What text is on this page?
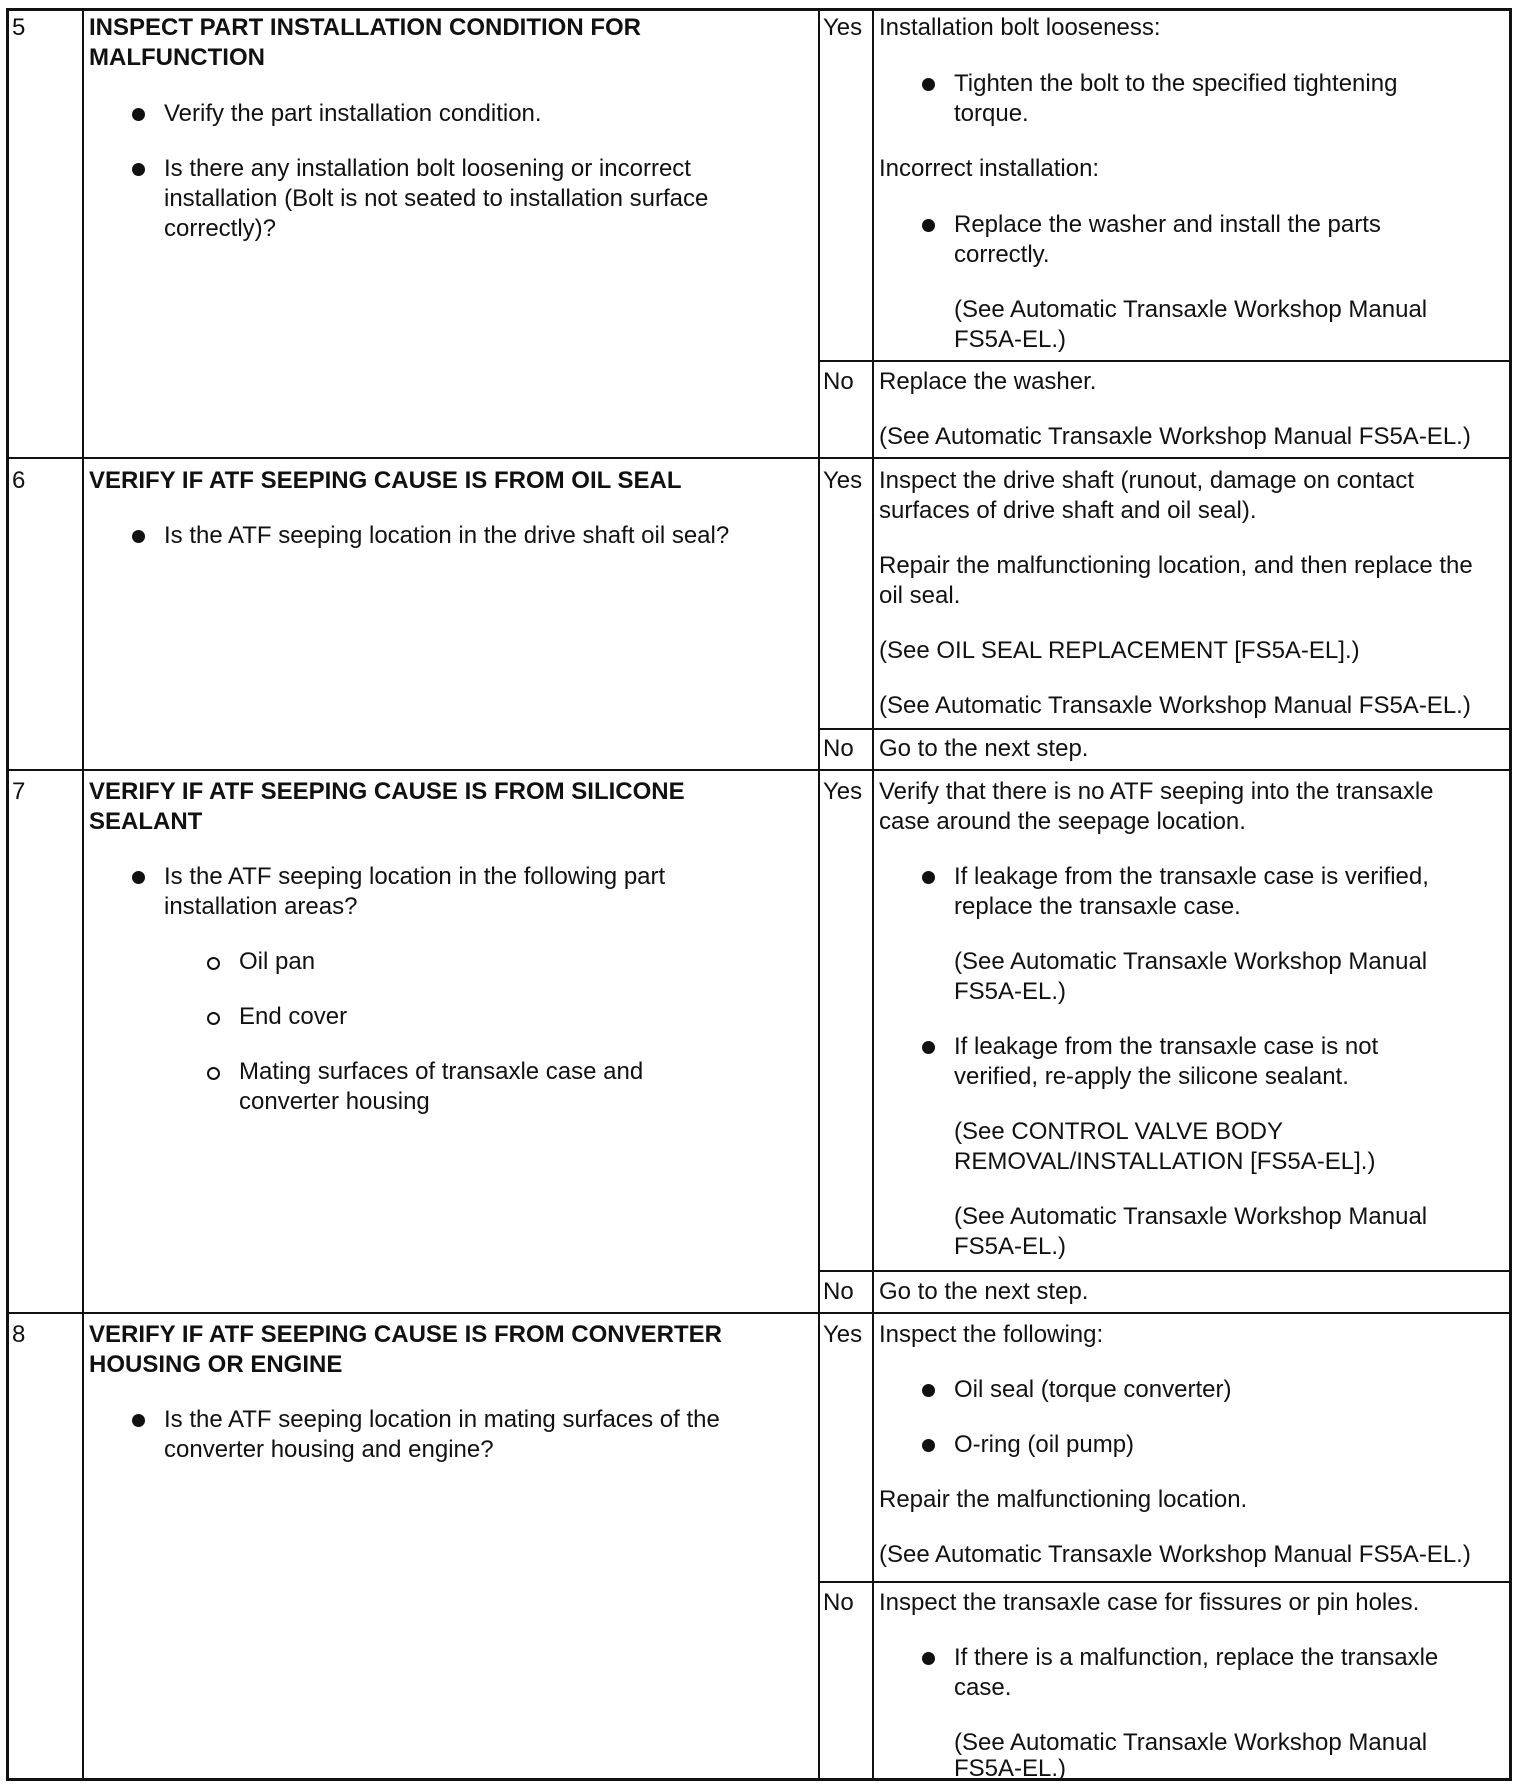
5	INSPECT PART INSTALLATION CONDITION FOR
MALFUNCTION
Verify the part installation condition.
Is there any installation bolt loosening or incorrect
installation (Bolt is not seated to installation surface
correctly)?
Yes Installation bolt looseness:
Tighten the bolt to the specified tightening
torque.
Incorrect installation:
Replace the washer and install the parts
correctly.
(See Automatic Transaxle Workshop Manual
FS5A-EL.)
No Replace the washer.
(See Automatic Transaxle Workshop Manual FS5A-EL.)
6	VERIFY IF ATF SEEPING CAUSE IS FROM OIL SEAL
Is the ATF seeping location in the drive shaft oil seal?
Yes Inspect the drive shaft (runout, damage on contact
surfaces of drive shaft and oil seal).
Repair the malfunctioning location, and then replace the
oil seal.
(See OIL SEAL REPLACEMENT [FS5A-EL].)
(See Automatic Transaxle Workshop Manual FS5A-EL.)
No Go to the next step.
7	VERIFY IF ATF SEEPING CAUSE IS FROM SILICONE
SEALANT
Is the ATF seeping location in the following part
installation areas?
Oil pan
End cover
Mating surfaces of transaxle case and
converter housing
Yes Verify that there is no ATF seeping into the transaxle
case around the seepage location.
If leakage from the transaxle case is verified,
replace the transaxle case.
(See Automatic Transaxle Workshop Manual
FS5A-EL.)
If leakage from the transaxle case is not
verified, re-apply the silicone sealant.
(See CONTROL VALVE BODY
REMOVAL/INSTALLATION [FS5A-EL].)
(See Automatic Transaxle Workshop Manual
FS5A-EL.)
No Go to the next step.
8	VERIFY IF ATF SEEPING CAUSE IS FROM CONVERTER
HOUSING OR ENGINE
Is the ATF seeping location in mating surfaces of the
converter housing and engine?
Yes Inspect the following:
Oil seal (torque converter)
O-ring (oil pump)
Repair the malfunctioning location.
(See Automatic Transaxle Workshop Manual FS5A-EL.)
No Inspect the transaxle case for fissures or pin holes.
If there is a malfunction, replace the transaxle
case.
(See Automatic Transaxle Workshop Manual
FS5A-EL.)
